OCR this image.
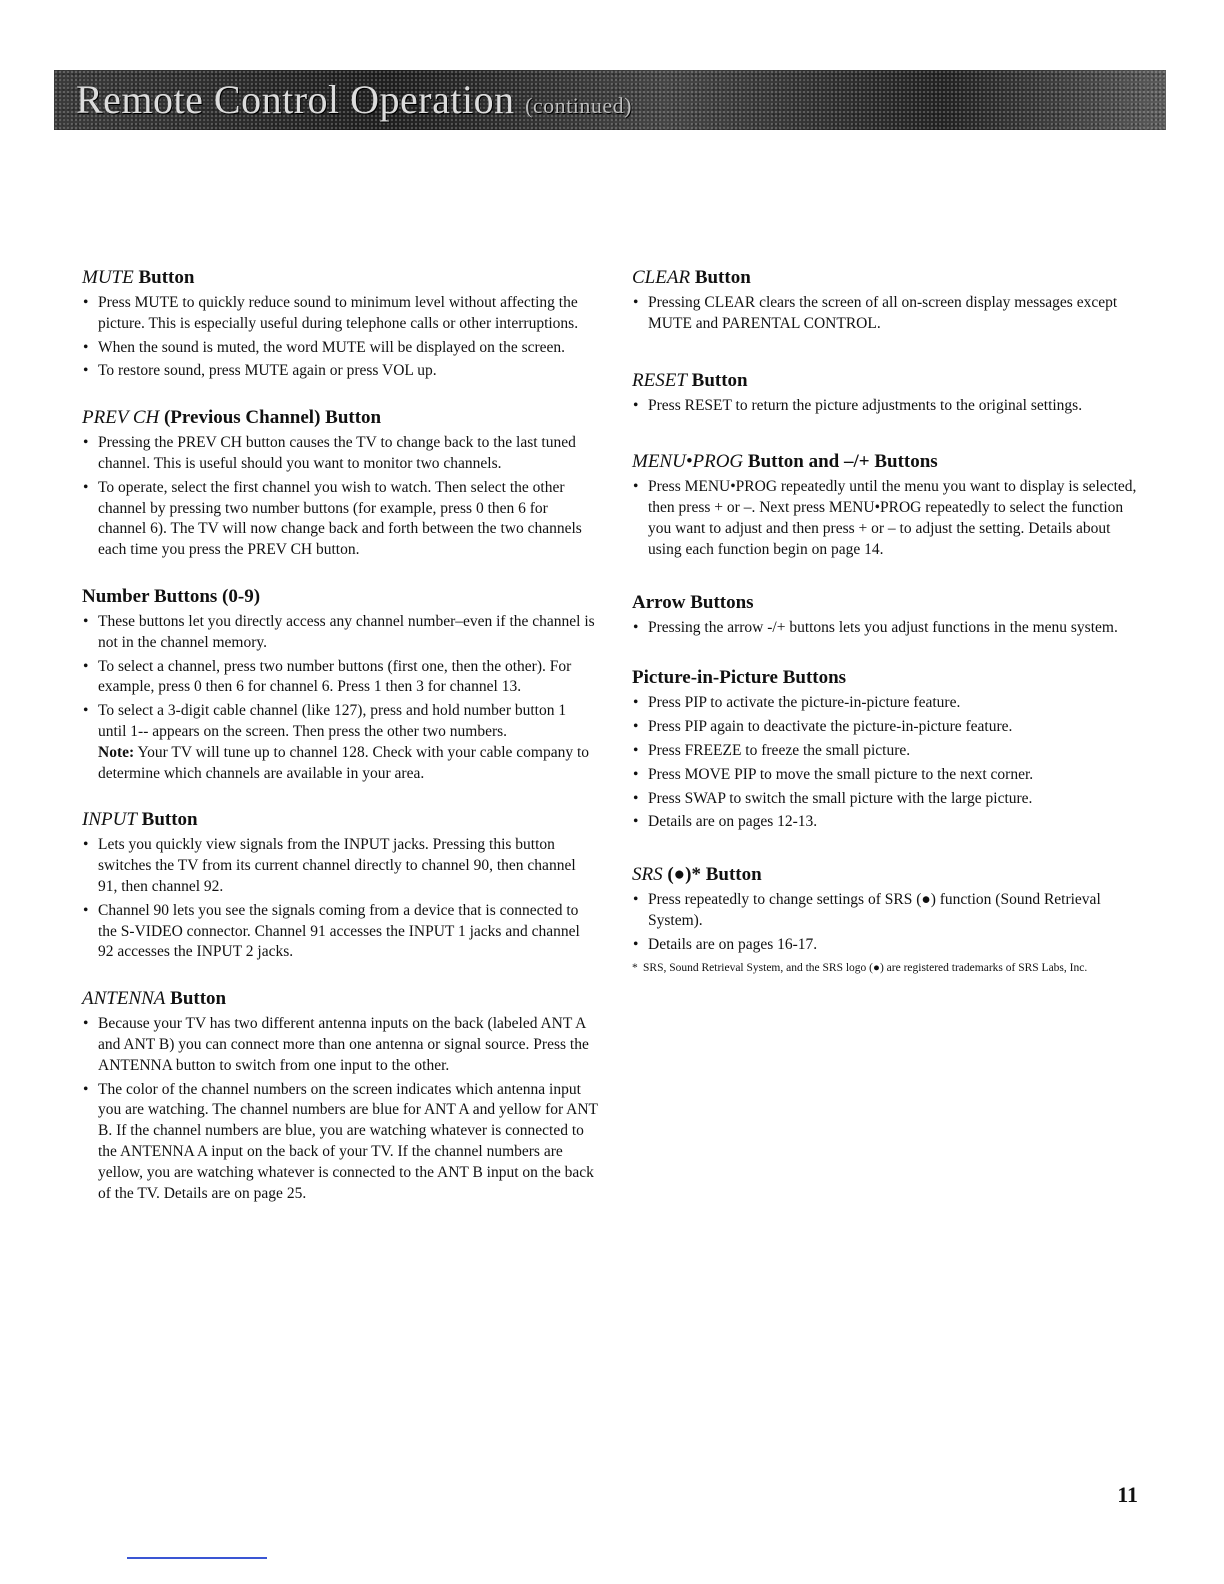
Remote Control Operation (continued)
MUTE Button
• Press MUTE to quickly reduce sound to minimum level without affecting the picture. This is especially useful during telephone calls or other interruptions.
• When the sound is muted, the word MUTE will be displayed on the screen.
• To restore sound, press MUTE again or press VOL up.
PREV CH (Previous Channel) Button
• Pressing the PREV CH button causes the TV to change back to the last tuned channel. This is useful should you want to monitor two channels.
• To operate, select the first channel you wish to watch. Then select the other channel by pressing two number buttons (for example, press 0 then 6 for channel 6). The TV will now change back and forth between the two channels each time you press the PREV CH button.
Number Buttons (0-9)
• These buttons let you directly access any channel number–even if the channel is not in the channel memory.
• To select a channel, press two number buttons (first one, then the other). For example, press 0 then 6 for channel 6. Press 1 then 3 for channel 13.
• To select a 3-digit cable channel (like 127), press and hold number button 1 until 1-- appears on the screen. Then press the other two numbers.
Note: Your TV will tune up to channel 128. Check with your cable company to determine which channels are available in your area.
INPUT Button
• Lets you quickly view signals from the INPUT jacks. Pressing this button switches the TV from its current channel directly to channel 90, then channel 91, then channel 92.
• Channel 90 lets you see the signals coming from a device that is connected to the S-VIDEO connector. Channel 91 accesses the INPUT 1 jacks and channel 92 accesses the INPUT 2 jacks.
ANTENNA Button
• Because your TV has two different antenna inputs on the back (labeled ANT A and ANT B) you can connect more than one antenna or signal source. Press the ANTENNA button to switch from one input to the other.
• The color of the channel numbers on the screen indicates which antenna input you are watching. The channel numbers are blue for ANT A and yellow for ANT B. If the channel numbers are blue, you are watching whatever is connected to the ANTENNA A input on the back of your TV. If the channel numbers are yellow, you are watching whatever is connected to the ANT B input on the back of the TV. Details are on page 25.
CLEAR Button
• Pressing CLEAR clears the screen of all on-screen display messages except MUTE and PARENTAL CONTROL.
RESET Button
• Press RESET to return the picture adjustments to the original settings.
MENU•PROG Button and –/+ Buttons
• Press MENU•PROG repeatedly until the menu you want to display is selected, then press + or –. Next press MENU•PROG repeatedly to select the function you want to adjust and then press + or – to adjust the setting. Details about using each function begin on page 14.
Arrow Buttons
• Pressing the arrow -/+ buttons lets you adjust functions in the menu system.
Picture-in-Picture Buttons
• Press PIP to activate the picture-in-picture feature.
• Press PIP again to deactivate the picture-in-picture feature.
• Press FREEZE to freeze the small picture.
• Press MOVE PIP to move the small picture to the next corner.
• Press SWAP to switch the small picture with the large picture.
• Details are on pages 12-13.
SRS (●)* Button
• Press repeatedly to change settings of SRS (●) function (Sound Retrieval System).
• Details are on pages 16-17.
* SRS, Sound Retrieval System, and the SRS logo (●) are registered trademarks of SRS Labs, Inc.
11
